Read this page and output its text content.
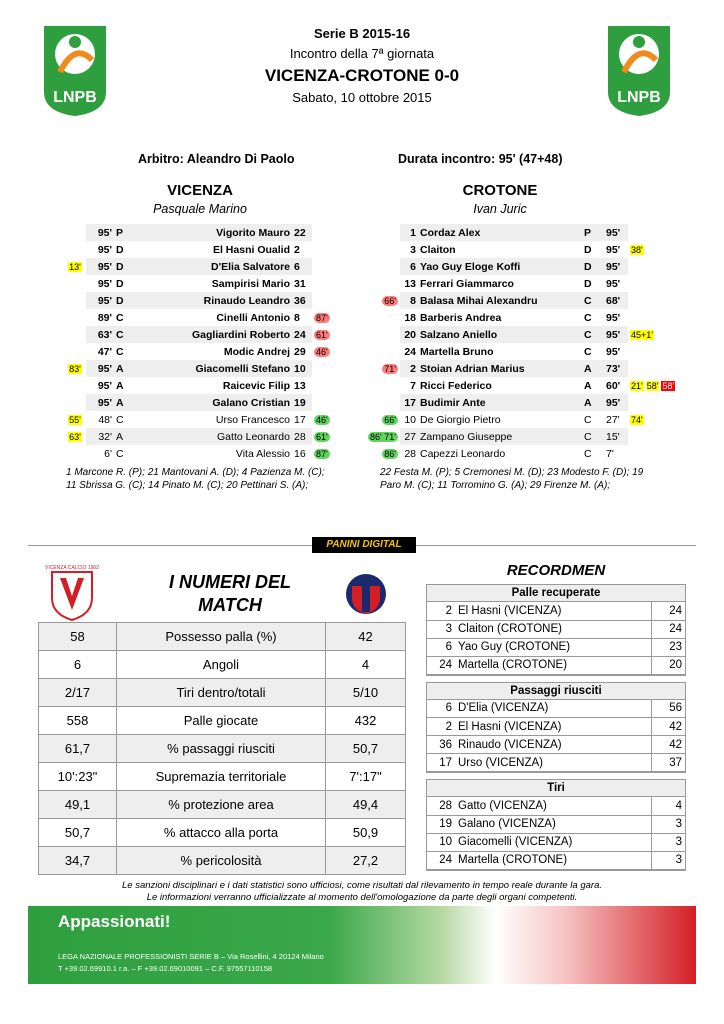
LNPB	LNPB
Serie B 2015-16
Incontro della 7ª giornata
VICENZA-CROTONE 0-0
Sabato, 10 ottobre 2015
Arbitro: Aleandro Di Paolo	Durata incontro: 95' (47+48)
VICENZA
Pasquale Marino
CROTONE
Ivan Juric
	95'	P	Vigorito Mauro	22	
	95'	D	El Hasni Oualid	2	
13'	95'	D	D'Elia Salvatore	6	
	95'	D	Sampirisi Mario	31	
	95'	D	Rinaudo Leandro	36	
	89'	C	Cinelli Antonio	8	87'
	63'	C	Gagliardini Roberto	24	61'
	47'	C	Modic Andrej	29	46'
83'	95'	A	Giacomelli Stefano	10	
	95'	A	Raicevic Filip	13	
	95'	A	Galano Cristian	19	
55'	48'	C	Urso Francesco	17	46'
63'	32'	A	Gatto Leonardo	28	61'
	6'	C	Vita Alessio	16	87'
	1	Cordaz Alex	P	95'	
	3	Claiton	D	95'	38'
	6	Yao Guy Eloge Koffi	D	95'	
	13	Ferrari Giammarco	D	95'	
66'	8	Balasa Mihai Alexandru	C	68'	
	18	Barberis Andrea	C	95'	
	20	Salzano Aniello	C	95'	45+1'
	24	Martella Bruno	C	95'	
71'	2	Stoian Adrian Marius	A	73'	
	7	Ricci Federico	A	60'	21' 58' 58'
	17	Budimir Ante	A	95'	
66'	10	De Giorgio Pietro	C	27'	74'
86' 71'	27	Zampano Giuseppe	C	15'	
86'	28	Capezzi Leonardo	C	7'	
1 Marcone R. (P); 21 Mantovani A. (D); 4 Pazienza M. (C); 11 Sbrissa G. (C); 14 Pinato M. (C); 20 Pettinari S. (A);
22 Festa M. (P); 5 Cremonesi M. (D); 23 Modesto F. (D); 19 Paro M. (C); 11 Torromino G. (A); 29 Firenze M. (A);
PANINI DIGITAL
VICENZA CALCIO 1902
I NUMERI DEL MATCH
58	Possesso palla (%)	42
6	Angoli	4
2/17	Tiri dentro/totali	5/10
558	Palle giocate	432
61,7	% passaggi riusciti	50,7
10':23"	Supremazia territoriale	7':17"
49,1	% protezione area	49,4
50,7	% attacco alla porta	50,9
34,7	% pericolosità	27,2
RECORDMEN
Palle recuperate
2	El Hasni (VICENZA)	24
3	Claiton (CROTONE)	24
6	Yao Guy (CROTONE)	23
24	Martella (CROTONE)	20
Passaggi riusciti
6	D'Elia (VICENZA)	56
2	El Hasni (VICENZA)	42
36	Rinaudo (VICENZA)	42
17	Urso (VICENZA)	37
Tiri
28	Gatto (VICENZA)	4
19	Galano (VICENZA)	3
10	Giacomelli (VICENZA)	3
24	Martella (CROTONE)	3
Le sanzioni disciplinari e i dati statistici sono ufficiosi, come risultati dal rilevamento in tempo reale durante la gara.
Le informazioni verranno ufficializzate al momento dell'omologazione da parte degli organi competenti.
Appassionati!
LEGA NAZIONALE PROFESSIONISTI SERIE B – Via Rosellini, 4 20124 Milano
T +39.02.69910.1 r.a. – F +39.02.69010091 – C.F. 97557110158
